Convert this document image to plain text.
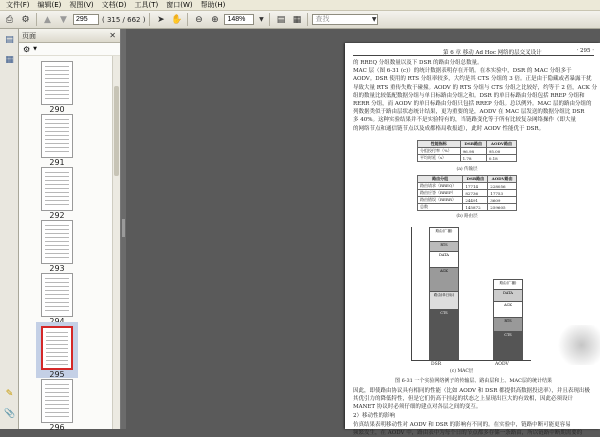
文件(F)	编辑(E)	视图(V)	文档(D)	工具(T)	窗口(W)	帮助(H)
⎙ ⚙	▲	▼
295	( 315 / 662 )	➤ ✋	⊖ ⊕
148%	▼ ▤ ▦	查找	▼
▤
▦
✎
📎
页面	✕
⚙ ▼
290
291
292
293
295
296
第 6 章 移动 Ad Hoc 网络的层交叉设计	· 295 ·
的 RREQ 分组数量以及下 DSR 的路由分组总数量。
MAC 层（图 6-31 (c)）的统计数据表明存在开销。在本实验中，DSR 的 MAC 分组多于
AODV。DSR 使用的 RTS 分组率较多，大约是其 CTS 分组的 3 倍。正是由于隐藏或者暴露干扰
导致大量 RTS 重传失败于碰撞。AODV 的 RTS 分组与 CTS 分组之比较好，约等于 2 倍，ACK 分
组的数量比较低配数据分组与单日标路由分组之和。DSR 的单日标路由分组包括 RREP 分组和
RERR 分组，而 AODV 的单日标路由分组只包括 RREP 分组。总以例外。MAC 层的路由分组的
列数据类似于路由层状态统计结果，更为重要的是，AODV 在 MAC 层发送的数据分组比 DSR
多 40%。这种实验结果并不是实验特有的，当链路变化等于所有比较复杂网络操作（即大量
的网络节点和通信链节点以及成都格局收报道），此时 AODV 性能优于 DSR。
性能指标	DSR路由	AODV路由
分组投付率（%）	96.98	95.00
平均时延（s）	1.78	0.18
(a) 传输层
路由分组	DSR路由	AODV路由
路由请求（RREQ）	17714	228056
路由应答（RREP）	82736	17753
路由错误（RERR）	24491	3609
总数	145872	259605
(b) 路由层
路由(广播)
RTS
DATA
ACK
路由(单日标)
CTS
路由(广播)
DATA
ACK
RTS
CTS
DSR	AODV
(c) MAC层
图 6-31 一个实验网络例子的传输层、路由层和上、MAC层的统计结果
因此，即使路由协议具有相同的性能（比如 AODV 和 DSR 都提供高数据投送率），并且表现出极
其优引力的降低特性，但是它们仍高于挂起的状态之上显现出巨大的有效相，因此必须设计
MANET 协议时必须仔细的建点对各层之间的变互。
2）移动性的影响
仿真结果表明移动性对 AODV 和 DSR 的影响有不同的。在实验中，链路中断可能更容易
频繁发生，在 AODV 中，路由表中为每个日的节点都多存储一条路由，所以链路中断期需要的
